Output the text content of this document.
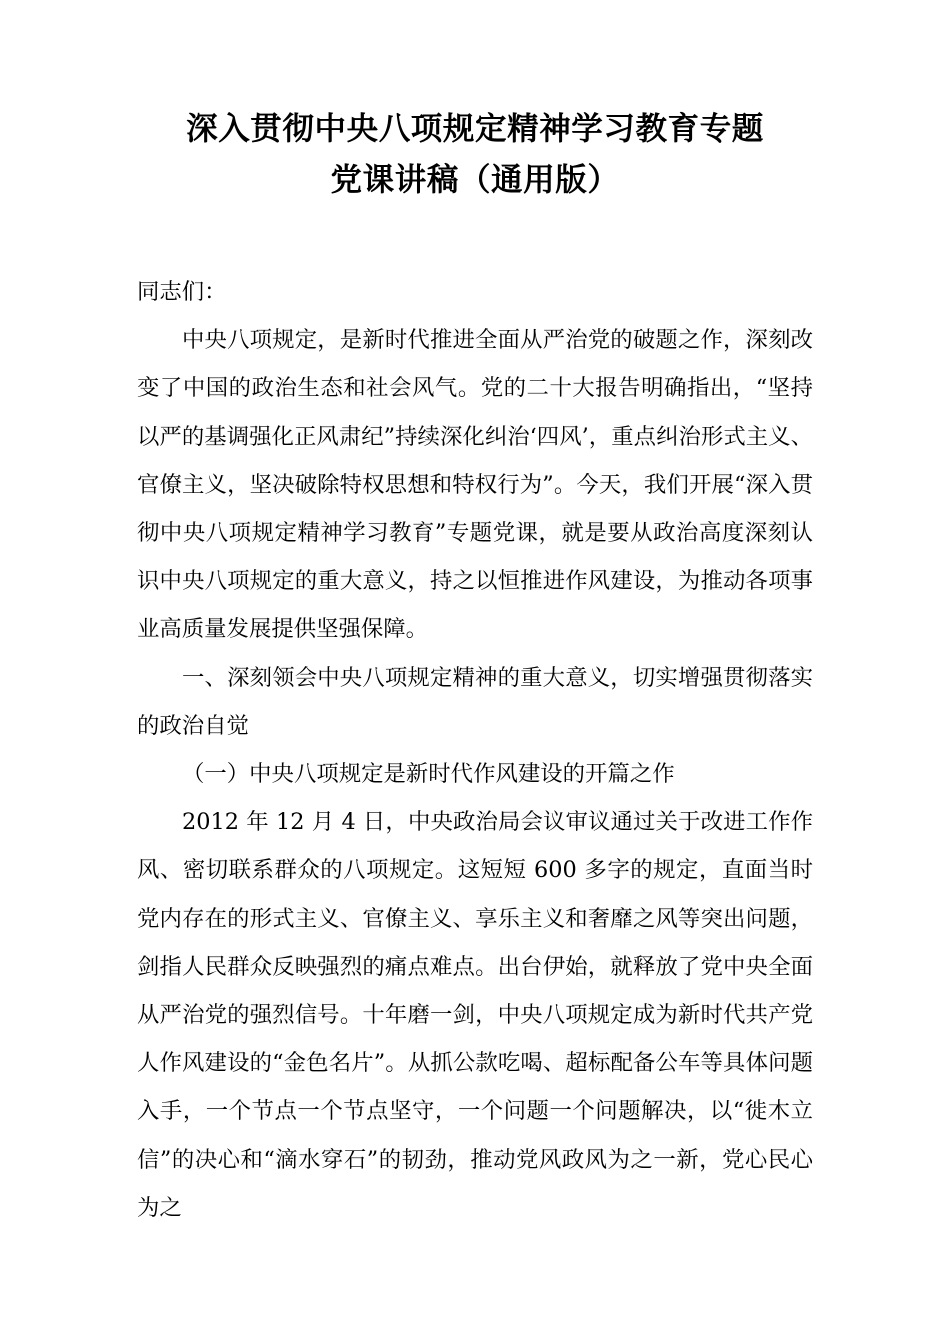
深入贯彻中央八项规定精神学习教育专题
党课讲稿（通用版）

同志们：

中央八项规定，是新时代推进全面从严治党的破题之作，深刻改变了中国的政治生态和社会风气。党的二十大报告明确指出，“坚持以严的基调强化正风肃纪”持续深化纠治‘四风’，重点纠治形式主义、官僚主义，坚决破除特权思想和特权行为”。今天，我们开展“深入贯彻中央八项规定精神学习教育”专题党课，就是要从政治高度深刻认识中央八项规定的重大意义，持之以恒推进作风建设，为推动各项事业高质量发展提供坚强保障。

一、深刻领会中央八项规定精神的重大意义，切实增强贯彻落实的政治自觉

（一）中央八项规定是新时代作风建设的开篇之作

2012 年 12 月 4 日，中央政治局会议审议通过关于改进工作作风、密切联系群众的八项规定。这短短 600 多字的规定，直面当时党内存在的形式主义、官僚主义、享乐主义和奢靡之风等突出问题，剑指人民群众反映强烈的痛点难点。出台伊始，就释放了党中央全面从严治党的强烈信号。十年磨一剑，中央八项规定成为新时代共产党人作风建设的“金色名片”。从抓公款吃喝、超标配备公车等具体问题入手，一个节点一个节点坚守，一个问题一个问题解决，以“徙木立信”的决心和“滴水穿石”的韧劲，推动党风政风为之一新，党心民心为之
